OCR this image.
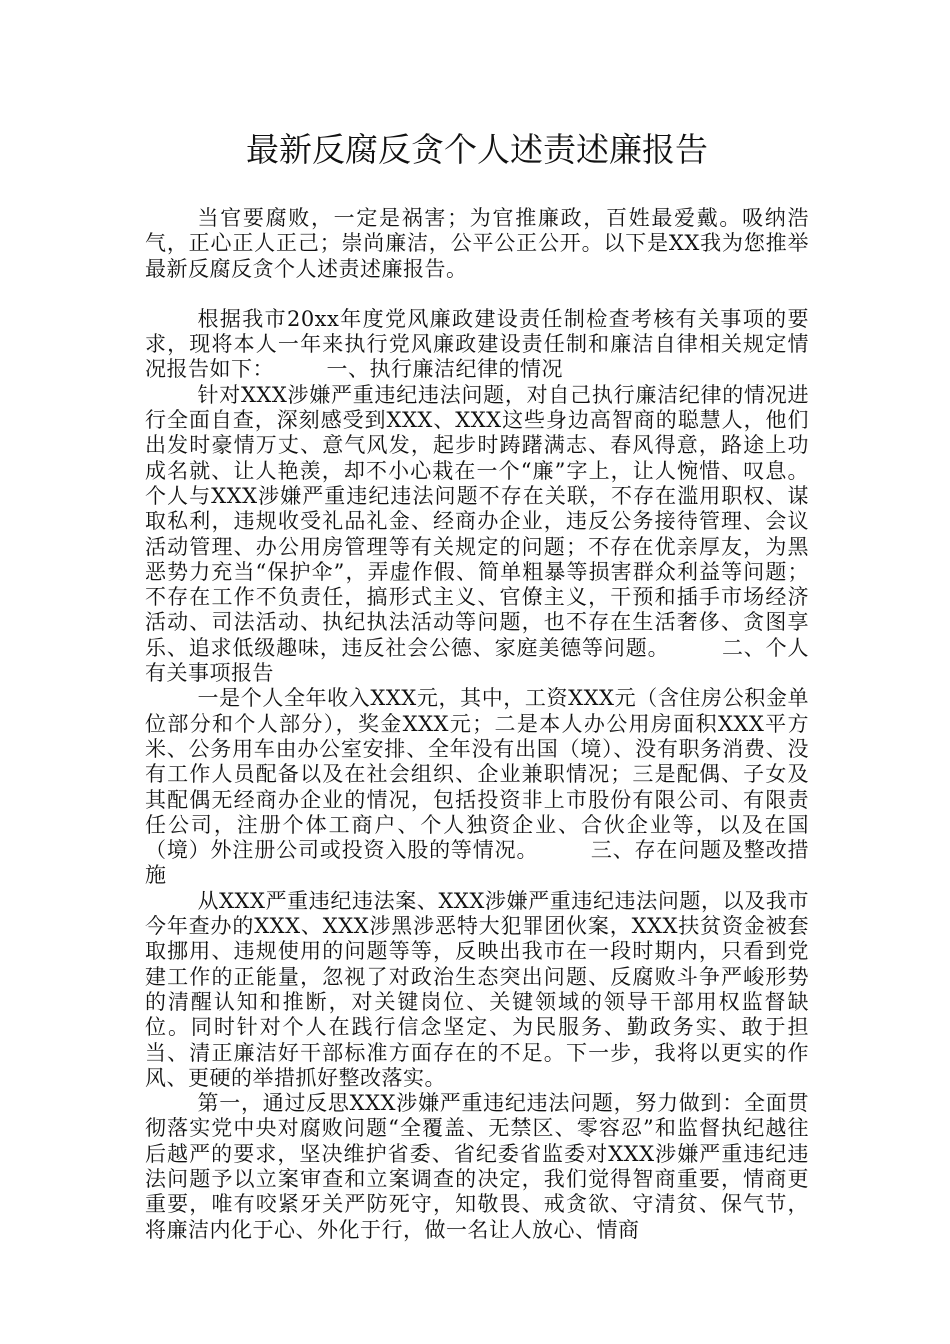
最新反腐反贪个人述责述廉报告

当官要腐败，一定是祸害；为官推廉政，百姓最爱戴。吸纳浩气，正心正人正己；崇尚廉洁，公平公正公开。以下是XX我为您推举最新反腐反贪个人述责述廉报告。

根据我市20xx年度党风廉政建设责任制检查考核有关事项的要求，现将本人一年来执行党风廉政建设责任制和廉洁自律相关规定情况报告如下：	一、执行廉洁纪律的情况

针对XXX涉嫌严重违纪违法问题，对自己执行廉洁纪律的情况进行全面自查，深刻感受到XXX、XXX这些身边高智商的聪慧人，他们出发时豪情万丈、意气风发，起步时踌躇满志、春风得意，路途上功成名就、让人艳羡，却不小心栽在一个“廉”字上，让人惋惜、叹息。个人与XXX涉嫌严重违纪违法问题不存在关联，不存在滥用职权、谋取私利，违规收受礼品礼金、经商办企业，违反公务接待管理、会议活动管理、办公用房管理等有关规定的问题；不存在优亲厚友，为黑恶势力充当“保护伞”，弄虚作假、简单粗暴等损害群众利益等问题；不存在工作不负责任，搞形式主义、官僚主义，干预和插手市场经济活动、司法活动、执纪执法活动等问题，也不存在生活奢侈、贪图享乐、追求低级趣味，违反社会公德、家庭美德等问题。	二、个人有关事项报告

一是个人全年收入XXX元，其中，工资XXX元（含住房公积金单位部分和个人部分），奖金XXX元；二是本人办公用房面积XXX平方米、公务用车由办公室安排、全年没有出国（境）、没有职务消费、没有工作人员配备以及在社会组织、企业兼职情况；三是配偶、子女及其配偶无经商办企业的情况，包括投资非上市股份有限公司、有限责任公司，注册个体工商户、个人独资企业、合伙企业等，以及在国（境）外注册公司或投资入股的等情况。	三、存在问题及整改措施

从XXX严重违纪违法案、XXX涉嫌严重违纪违法问题，以及我市今年查办的XXX、XXX涉黑涉恶特大犯罪团伙案，XXX扶贫资金被套取挪用、违规使用的问题等等，反映出我市在一段时期内，只看到党建工作的正能量，忽视了对政治生态突出问题、反腐败斗争严峻形势的清醒认知和推断，对关键岗位、关键领域的领导干部用权监督缺位。同时针对个人在践行信念坚定、为民服务、勤政务实、敢于担当、清正廉洁好干部标准方面存在的不足。下一步，我将以更实的作风、更硬的举措抓好整改落实。

第一，通过反思XXX涉嫌严重违纪违法问题，努力做到：全面贯彻落实党中央对腐败问题“全覆盖、无禁区、零容忍”和监督执纪越往后越严的要求，坚决维护省委、省纪委省监委对XXX涉嫌严重违纪违法问题予以立案审查和立案调查的决定，我们觉得智商重要，情商更重要，唯有咬紧牙关严防死守，知敬畏、戒贪欲、守清贫、保气节，将廉洁内化于心、外化于行，做一名让人放心、情商
